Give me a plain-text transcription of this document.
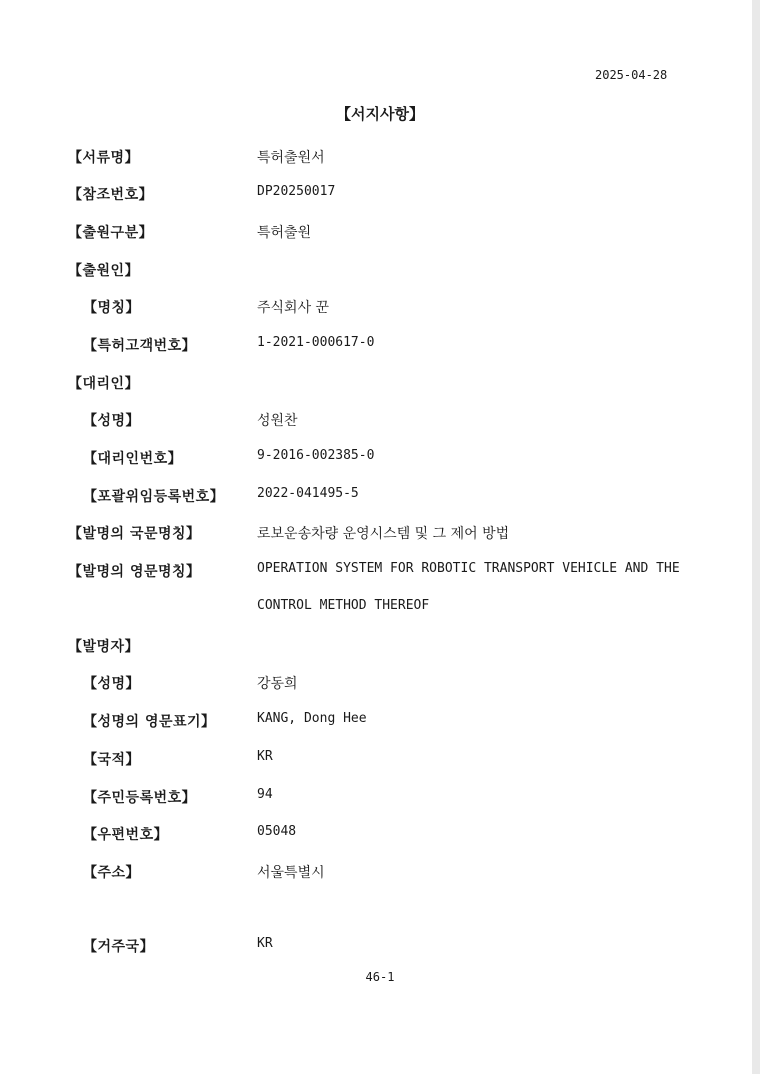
2025-04-28
【서지사항】
【서류명】	특허출원서
【참조번호】	DP20250017
【출원구분】	특허출원
【출원인】
【명칭】	주식회사 꾼
【특허고객번호】	1-2021-000617-0
【대리인】
【성명】	성원찬
【대리인번호】	9-2016-002385-0
【포괄위임등록번호】	2022-041495-5
【발명의 국문명칭】	로보운송차량 운영시스템 및 그 제어 방법
【발명의 영문명칭】	OPERATION SYSTEM FOR ROBOTIC TRANSPORT VEHICLE AND THE
CONTROL METHOD THEREOF
【발명자】
【성명】	강동희
【성명의 영문표기】	KANG, Dong Hee
【국적】	KR
【주민등록번호】	94
【우편번호】	05048
【주소】	서울특별시
【거주국】	KR
46-1
